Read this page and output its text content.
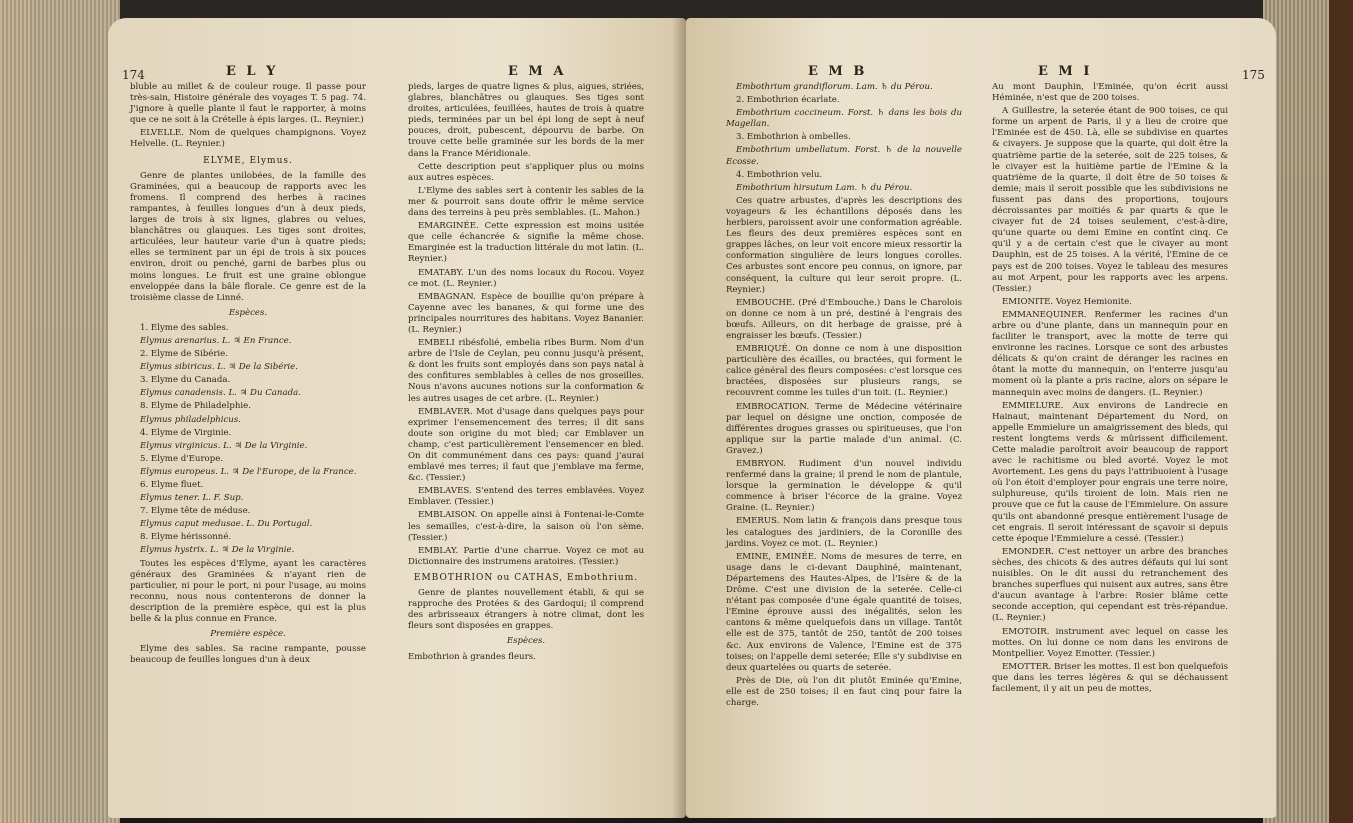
174	E L Y	E M A

bluble au millet & de couleur rouge. Il passe pour très-sain, Histoire générale des voyages T. 5 pag. 74. J'ignore à quelle plante il faut le rapporter, à moins que ce ne soit à la Crételle à épis larges. (L. Reynier.)

ELVELLE. Nom de quelques champignons. Voyez Helvelle. (L. Reynier.)

ELYME, Elymus.

Genre de plantes unilobées, de la famille des Graminées, qui a beaucoup de rapports avec les fromens. Il comprend des herbes à racines rampantes, à feuilles longues d'un à deux pieds, larges de trois à six lignes, glabres ou velues, blanchâtres ou glauques. Les tiges sont droites, articulées, leur hauteur varie d'un à quatre pieds; elles se terminent par un épi de trois à six pouces environ, droit ou penché, garni de barbes plus ou moins longues. Le fruit est une graine oblongue enveloppée dans la bâle florale. Ce genre est de la troisième classe de Linné.

Espèces.

1. Elyme des sables.

Elymus arenarius. L. ♃ En France.

2. Elyme de Sibérie.

Elymus sibiricus. L. ♃ De la Sibérie.

3. Elyme du Canada.

Elymus canadensis. L. ♃ Du Canada.

8. Elyme de Philadelphie.

Elymus philadelphicus.

4. Elyme de Virginie.

Elymus virginicus. L. ♃ De la Virginie.

5. Elyme d'Europe.

Elymus europeus. L. ♃ De l'Europe, de la France.

6. Elyme fluet.

Elymus tener. L. F. Sup.

7. Elyme tête de méduse.

Elymus caput medusae. L. Du Portugal.

8. Elyme hérissonné.

Elymus hystrix. L. ♃ De la Virginie.

Toutes les espèces d'Elyme, ayant les caractères généraux des Graminées & n'ayant rien de particulier, ni pour le port, ni pour l'usage, au moins reconnu, nous nous contenterons de donner la description de la première espèce, qui est la plus belle & la plus connue en France.

Première espèce.

Elyme des sables. Sa racine rampante, pousse beaucoup de feuilles longues d'un à deux

pieds, larges de quatre lignes & plus, aigues, striées, glabres, blanchâtres ou glauques. Ses tiges sont droites, articulées, feuillées, hautes de trois à quatre pieds, terminées par un bel épi long de sept à neuf pouces, droit, pubescent, dépourvu de barbe. On trouve cette belle graminée sur les bords de la mer dans la France Méridionale.

Cette description peut s'appliquer plus ou moins aux autres espèces.

L'Elyme des sables sert à contenir les sables de la mer & pourroit sans doute offrir le même service dans des terreins à peu près semblables. (L. Mahon.)

EMARGINÉE. Cette expression est moins usitée que celle échancrée & signifie la même chose. Emarginée est la traduction littérale du mot latin. (L. Reynier.)

EMATABY. L'un des noms locaux du Rocou. Voyez ce mot. (L. Reynier.)

EMBAGNAN. Espèce de bouillie qu'on prépare à Cayenne avec les bananes, & qui forme une des principales nourritures des habitans. Voyez Bananier. (L. Reynier.)

EMBELI ribésfolié, embelia ribes Burm. Nom d'un arbre de l'Isle de Ceylan, peu connu jusqu'à présent, & dont les fruits sont employés dans son pays natal à des confitures semblables à celles de nos groseilles. Nous n'avons aucunes notions sur la conformation & les autres usages de cet arbre. (L. Reynier.)

EMBLAVER. Mot d'usage dans quelques pays pour exprimer l'ensemencement des terres; il dit sans doute son origine du mot bled; car Emblaver un champ, c'est particulièrement l'ensemencer en bled. On dit communément dans ces pays: quand j'aurai emblavé mes terres; il faut que j'emblave ma ferme, &c. (Tessier.)

EMBLAVES. S'entend des terres emblavées. Voyez Emblaver. (Tessier.)

EMBLAISON. On appelle ainsi à Fontenai-le-Comte les semailles, c'est-à-dire, la saison où l'on sème. (Tessier.)

EMBLAY. Partie d'une charrue. Voyez ce mot au Dictionnaire des instrumens aratoires. (Tessier.)

EMBOTHRION ou CATHAS, Embothrium.

Genre de plantes nouvellement établi, & qui se rapproche des Protées & des Gardoqui; il comprend des arbrisseaux étrangers à notre climat, dont les fleurs sont disposées en grappes.

Espèces.

Embothrion à grandes fleurs.

E M B	E M I	175

Embothrium grandiflorum. Lam. ♄ du Pérou.

2. Embothrion écarlate.

Embothrium coccineum. Forst. ♄ dans les bois du Magellan.

3. Embothrion à ombelles.

Embothrium umbellatum. Forst. ♄ de la nouvelle Ecosse.

4. Embothrion velu.

Embothrium hirsutum Lam. ♄ du Pérou.

Ces quatre arbustes, d'après les descriptions des voyageurs & les échantillons déposés dans les herbiers, paroissent avoir une conformation agréable. Les fleurs des deux premières espèces sont en grappes lâches, on leur voit encore mieux ressortir la conformation singulière de leurs longues corolles. Ces arbustes sont encore peu connus, on ignore, par conséquent, la culture qui leur seroit propre. (L. Reynier.)

EMBOUCHE. (Pré d'Embouche.) Dans le Charolois on donne ce nom à un pré, destiné à l'engrais des bœufs. Ailleurs, on dit herbage de graisse, pré à engraisser les bœufs. (Tessier.)

EMBRIQUÉ. On donne ce nom à une disposition particulière des écailles, ou bractées, qui forment le calice général des fleurs composées: c'est lorsque ces bractées, disposées sur plusieurs rangs, se recouvrent comme les tuiles d'un toit. (L. Reynier.)

EMBROCATION. Terme de Médecine vétérinaire par lequel on désigne une onction, composée de différentes drogues grasses ou spiritueuses, que l'on applique sur la partie malade d'un animal. (C. Gravez.)

EMBRYON. Rudiment d'un nouvel individu renfermé dans la graine; il prend le nom de plantule, lorsque la germination le développe & qu'il commence à briser l'écorce de la graine. Voyez Graine. (L. Reynier.)

EMERUS. Nom latin & françois dans presque tous les catalogues des jardiniers, de la Coronille des jardins. Voyez ce mot. (L. Reynier.)

EMINE, EMINÉE. Noms de mesures de terre, en usage dans le ci-devant Dauphiné, maintenant, Départemens des Hautes-Alpes, de l'Isère & de la Drôme. C'est une division de la seterée. Celle-ci n'étant pas composée d'une égale quantité de toises, l'Emine éprouve aussi des inégalités, selon les cantons & même quelquefois dans un village. Tantôt elle est de 375, tantôt de 250, tantôt de 200 toises &c. Aux environs de Valence, l'Emine est de 375 toises; on l'appelle demi seterée; Elle s'y subdivise en deux quartelées ou quarts de seterée.

Près de Die, où l'on dit plutôt Eminée qu'Emine, elle est de 250 toises; il en faut cinq pour faire la charge.

Au mont Dauphin, l'Eminée, qu'on écrit aussi Héminée, n'est que de 200 toises.

A Guillestre, la seterée étant de 900 toises, ce qui forme un arpent de Paris, il y a lieu de croire que l'Eminée est de 450. Là, elle se subdivise en quartes & civayers. Je suppose que la quarte, qui doit être la quatrième partie de la seterée, soit de 225 toises, & le civayer est la huitième partie de l'Emine & la quatrième de la quarte, il doit être de 50 toises & demie; mais il seroit possible que les subdivisions ne fussent pas dans des proportions, toujours décroissantes par moitiés & par quarts & que le civayer fut de 24 toises seulement, c'est-à-dire, qu'une quarte ou demi Emine en contînt cinq. Ce qu'il y a de certain c'est que le civayer au mont Dauphin, est de 25 toises. A la vérité, l'Emine de ce pays est de 200 toises. Voyez le tableau des mesures au mot Arpent, pour les rapports avec les arpens. (Tessier.)

EMIONITE. Voyez Hemionite.

EMMANEQUINER. Renfermer les racines d'un arbre ou d'une plante, dans un mannequin pour en faciliter le transport, avec la motte de terre qui environne les racines. Lorsque ce sont des arbustes délicats & qu'on craint de déranger les racines en ôtant la motte du mannequin, on l'enterre jusqu'au moment où la plante a pris racine, alors on sépare le mannequin avec moins de dangers. (L. Reynier.)

EMMIELURE. Aux environs de Landrecie en Hainaut, maintenant Département du Nord, on appelle Emmielure un amaigrissement des bleds, qui restent longtems verds & mûrissent difficilement. Cette maladie paroîtroit avoir beaucoup de rapport avec le rachitisme ou bled avorté. Voyez le mot Avortement. Les gens du pays l'attribuoient à l'usage où l'on étoit d'employer pour engrais une terre noire, sulphureuse, qu'ils tiroient de loin. Mais rien ne prouve que ce fut la cause de l'Emmielure. On assure qu'ils ont abandonné presque entièrement l'usage de cet engrais. Il seroit intéressant de sçavoir si depuis cette époque l'Emmielure a cessé. (Tessier.)

EMONDER. C'est nettoyer un arbre des branches sèches, des chicots & des autres défauts qui lui sont nuisibles. On le dit aussi du retranchement des branches superflues qui nuisent aux autres, sans être d'aucun avantage à l'arbre: Rosier blâme cette seconde acception, qui cependant est très-répandue. (L. Reynier.)

EMOTOIR. instrument avec lequel on casse les mottes. On lui donne ce nom dans les environs de Montpellier. Voyez Emotter. (Tessier.)

EMOTTER. Briser les mottes. Il est bon quelquefois que dans les terres légères & qui se déchaussent facilement, il y ait un peu de mottes,
